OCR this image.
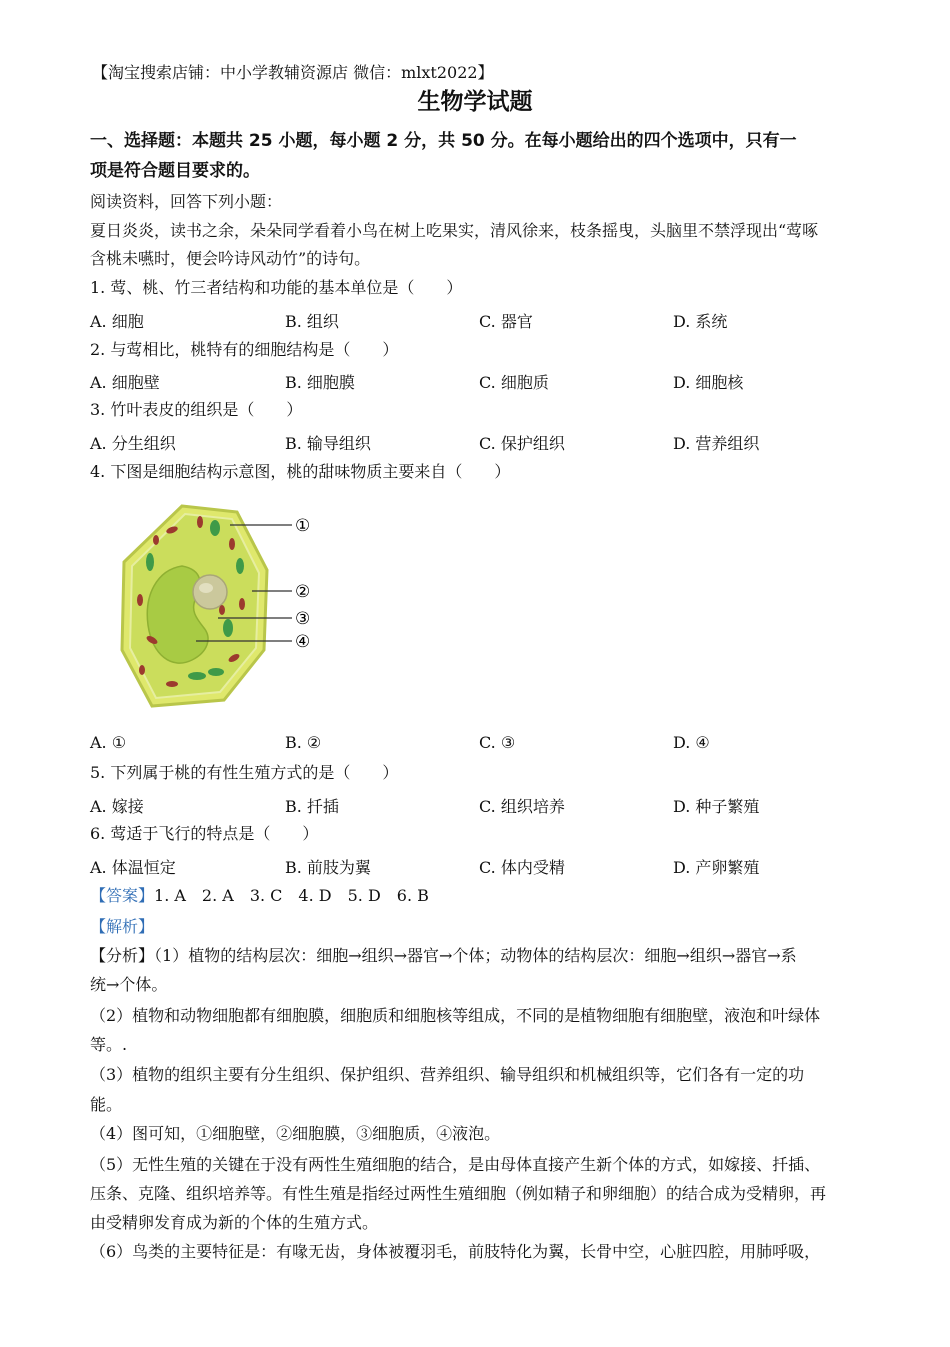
【淘宝搜索店铺：中小学教辅资源店 微信：mlxt2022】
生物学试题
一、选择题：本题共 25 小题，每小题 2 分，共 50 分。在每小题给出的四个选项中，只有一
项是符合题目要求的。
阅读资料，回答下列小题：
夏日炎炎，读书之余，朵朵同学看着小鸟在树上吃果实，清风徐来，枝条摇曳，头脑里不禁浮现出“莺啄
含桃未嚥时，便会吟诗风动竹”的诗句。
1. 莺、桃、竹三者结构和功能的基本单位是（　　）
A. 细胞	B. 组织	C. 器官	D. 系统
2. 与莺相比，桃特有的细胞结构是（　　）
A. 细胞壁	B. 细胞膜	C. 细胞质	D. 细胞核
3. 竹叶表皮的组织是（　　）
A. 分生组织	B. 输导组织	C. 保护组织	D. 营养组织
4. 下图是细胞结构示意图，桃的甜味物质主要来自（　　）
①
②
③
④
A. ①	B. ②	C. ③	D. ④
5. 下列属于桃的有性生殖方式的是（　　）
A. 嫁接	B. 扦插	C. 组织培养	D. 种子繁殖
6. 莺适于飞行的特点是（　　）
A. 体温恒定	B. 前肢为翼	C. 体内受精	D. 产卵繁殖
【答案】1. A　2. A　3. C　4. D　5. D　6. B
【解析】
【分析】（1）植物的结构层次：细胞→组织→器官→个体；动物体的结构层次：细胞→组织→器官→系
统→个体。
（2）植物和动物细胞都有细胞膜，细胞质和细胞核等组成，不同的是植物细胞有细胞壁，液泡和叶绿体
等。.
（3）植物的组织主要有分生组织、保护组织、营养组织、输导组织和机械组织等，它们各有一定的功
能。
（4）图可知，①细胞壁，②细胞膜，③细胞质，④液泡。
（5）无性生殖的关键在于没有两性生殖细胞的结合，是由母体直接产生新个体的方式，如嫁接、扦插、
压条、克隆、组织培养等。有性生殖是指经过两性生殖细胞（例如精子和卵细胞）的结合成为受精卵，再
由受精卵发育成为新的个体的生殖方式。
（6）鸟类的主要特征是：有喙无齿，身体被覆羽毛，前肢特化为翼，长骨中空，心脏四腔，用肺呼吸，
